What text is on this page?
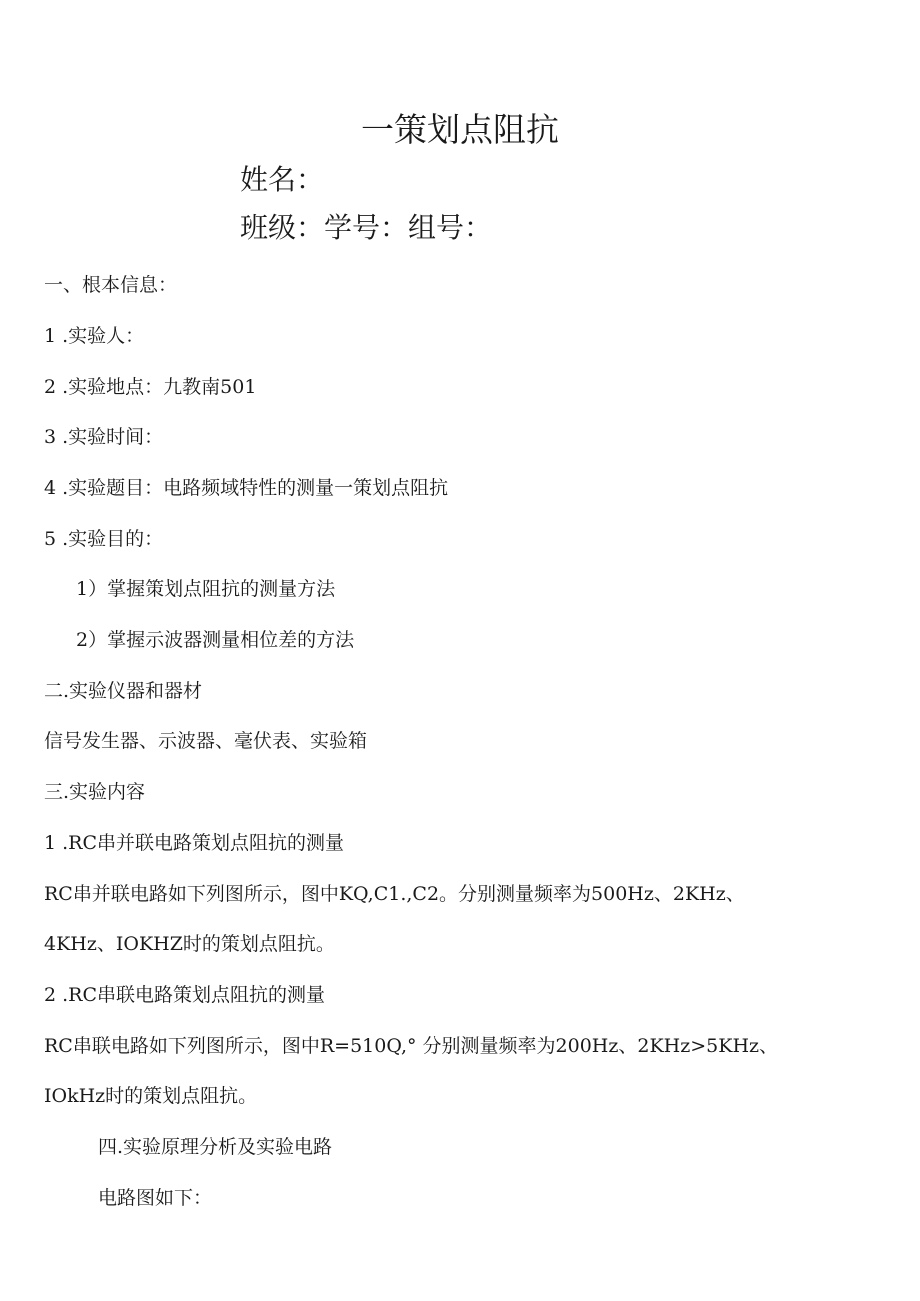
一策划点阻抗
姓名：
班级：学号：组号：
一、根本信息：
1 .实验人：
2 .实验地点：九教南501
3 .实验时间：
4 .实验题目：电路频域特性的测量一策划点阻抗
5 .实验目的：
1）掌握策划点阻抗的测量方法
2）掌握示波器测量相位差的方法
二.实验仪器和器材
信号发生器、示波器、毫伏表、实验箱
三.实验内容
1 .RC串并联电路策划点阻抗的测量
RC串并联电路如下列图所示，图中KQ,C1.,C2。分别测量频率为500Hz、2KHz、
4KHz、IOKHZ时的策划点阻抗。
2 .RC串联电路策划点阻抗的测量
RC串联电路如下列图所示，图中R=510Q,° 分别测量频率为200Hz、2KHz>5KHz、
IOkHz时的策划点阻抗。
四.实验原理分析及实验电路
电路图如下：
